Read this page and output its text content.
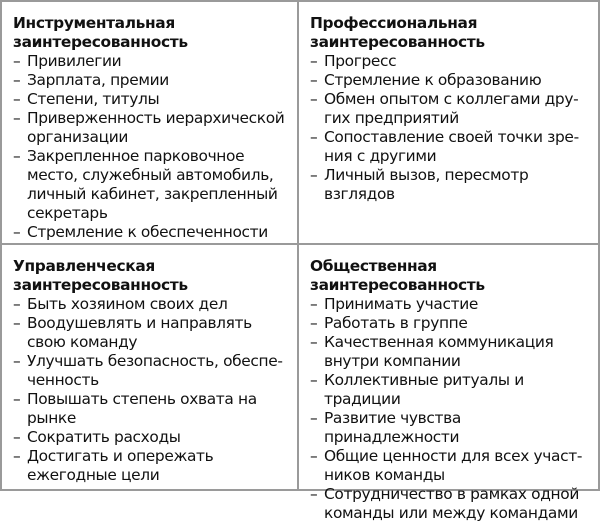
Инструментальная
заинтересованность
– Привилегии
– Зарплата, премии
– Степени, титулы
– Приверженность иерархической организации
– Закрепленное парковочное место, служебный автомобиль, личный кабинет, закрепленный секретарь
– Стремление к обеспеченности
Профессиональная
заинтересованность
– Прогресс
– Стремление к образованию
– Обмен опытом с коллегами других предприятий
– Сопоставление своей точки зрения с другими
– Личный вызов, пересмотр взглядов
Управленческая
заинтересованность
– Быть хозяином своих дел
– Воодушевлять и направлять свою команду
– Улучшать безопасность, обеспеченность
– Повышать степень охвата на рынке
– Сократить расходы
– Достигать и опережать ежегодные цели
Общественная
заинтересованность
– Принимать участие
– Работать в группе
– Качественная коммуникация внутри компании
– Коллективные ритуалы и традиции
– Развитие чувства принадлежности
– Общие ценности для всех участников команды
– Сотрудничество в рамках одной команды или между командами
